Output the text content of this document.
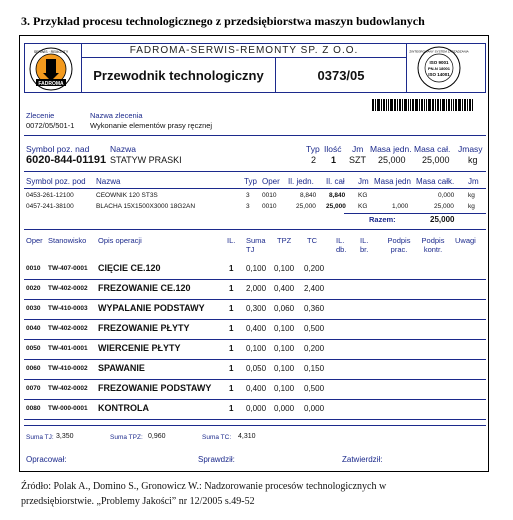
3. Przykład procesu technologicznego z przedsiębiorstwa maszyn budowlanych
FADROMA
SERWIS · REMONTY	FADROMA-SERWIS-REMONTY SP. Z O.O.
Przewodnik technologiczny	0373/05
ZINTEGROWANY SYSTEM ZARZĄDZANIA
ISO 9001
PN-N 18001
ISO 14001
Zlecenie	Nazwa zlecenia
0072/05/501-1 Wykonanie elementów prasy ręcznej
Symbol poz. nad Nazwa	Typ Ilość Jm Masa jedn. Masa cał. Jmasy
6020-844-01191 STATYW PRASKI	2 1 SZT 25,000 25,000 kg
Symbol poz. pod Nazwa	Typ Oper Il. jedn. Il. cał Jm Masa jedn Masa całk. Jm
0453-261-12100	CEOWNIK 120 ST3S	3 0010	8,840 8,840 KG	0,000 kg
0457-241-38100	BLACHA 15X1500X3000 18G2AN	3 0010	25,000 25,000 KG	1,000	25,000 kg
Razem:	25,000
Oper Stanowisko Opis operacji	IL. Suma TJ
TPZ TC	IL. db.
IL. br.
Podpis prac.
Podpis kontr.
Uwagi
0010 TW-407-0001 CIĘCIE CE.120	1 0,100 0,100 0,200
0020 TW-402-0002 FREZOWANIE CE.120	1 2,000 0,400 2,400
0030 TW-410-0003 WYPALANIE PODSTAWY	1 0,300 0,060 0,360
0040 TW-402-0002 FREZOWANIE PŁYTY	1 0,400 0,100 0,500
0050 TW-401-0001 WIERCENIE PŁYTY	1 0,100 0,100 0,200
0060 TW-410-0002 SPAWANIE	1 0,050 0,100 0,150
0070 TW-402-0002 FREZOWANIE PODSTAWY 1 0,400 0,100 0,500
0080 TW-000-0001 KONTROLA	1 0,000 0,000 0,000
Suma TJ: 3,350	Suma TPZ: 0,960	Suma TC: 4,310
Opracował:	Sprawdził:	Zatwierdził:
Źródło: Polak A., Domino S., Gronowicz W.: Nadzorowanie procesów technologicznych w
przedsiębiorstwie. „Problemy Jakości” nr 12/2005 s.49-52
